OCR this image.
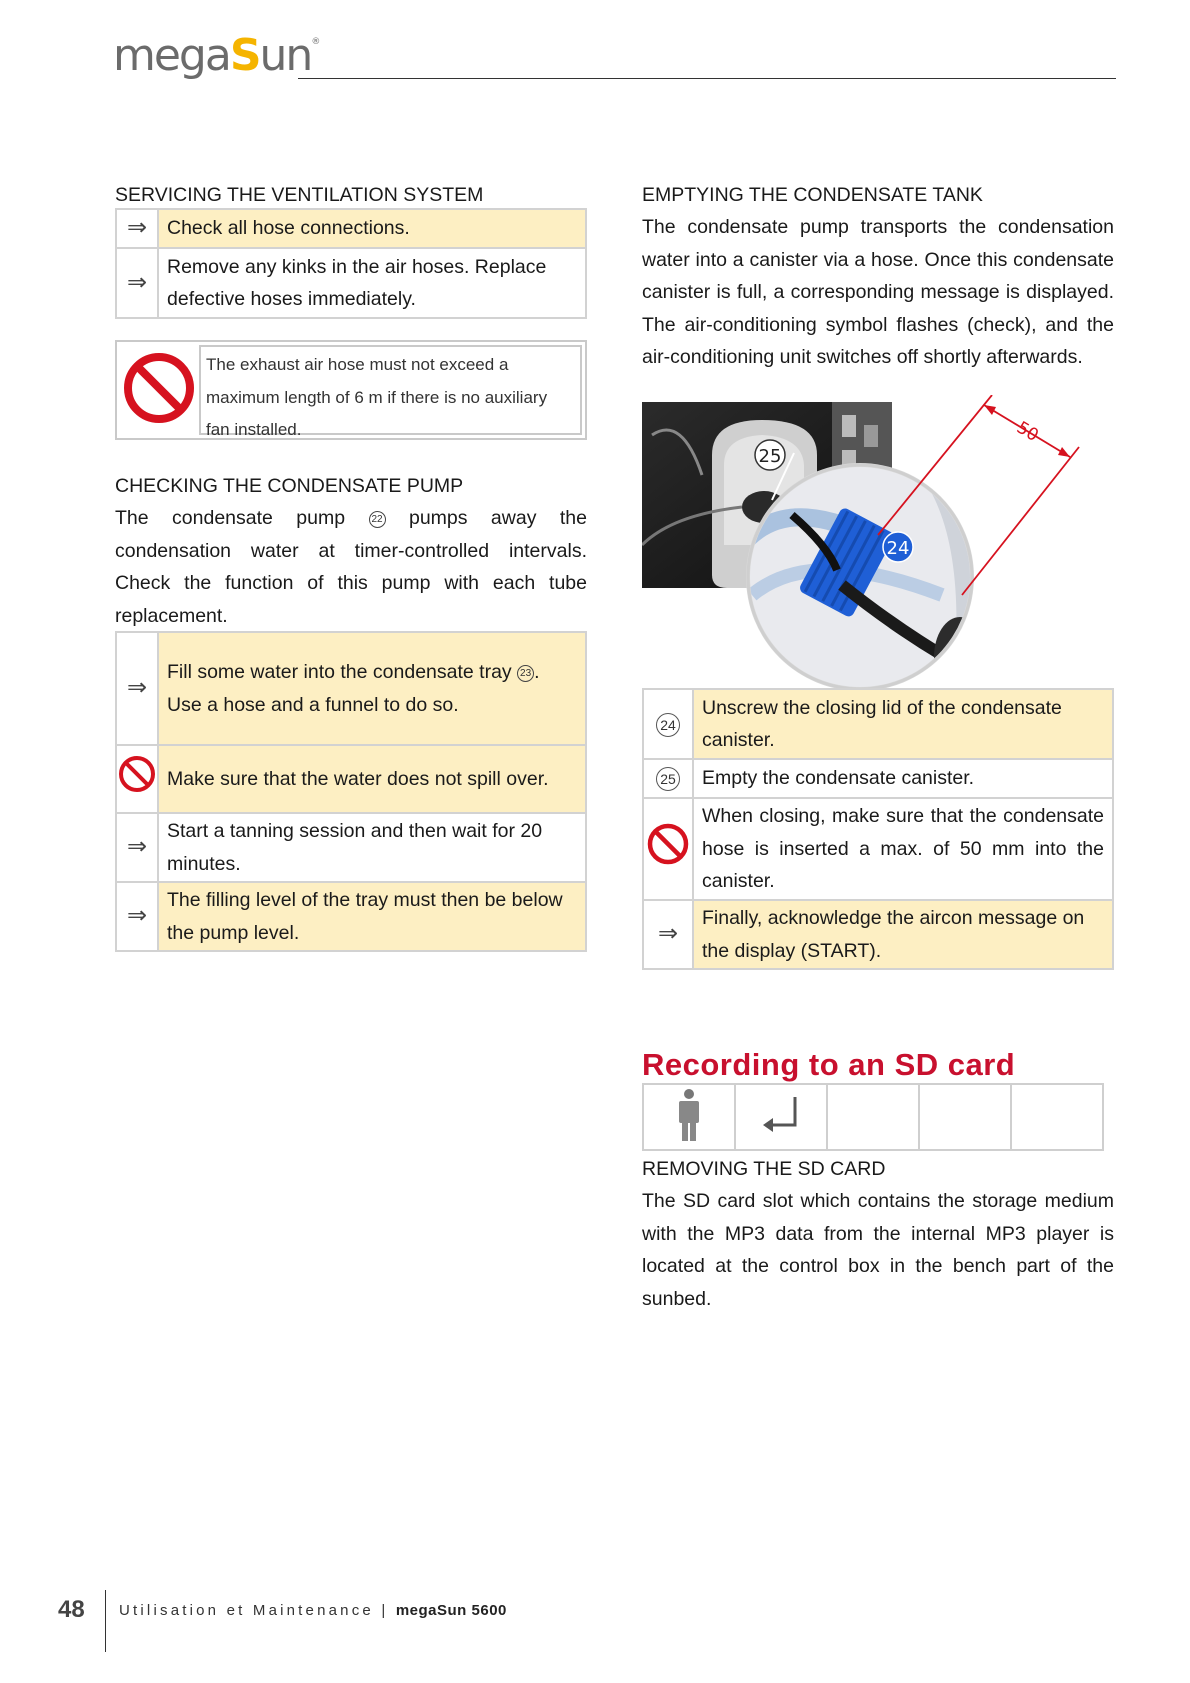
megaSun®
SERVICING THE VENTILATION SYSTEM
⇒	Check all hose connections.
⇒	Remove any kinks in the air hoses. Replace defective hoses immediately.
The exhaust air hose must not exceed a maximum length of 6 m if there is no auxiliary fan installed.
CHECKING THE CONDENSATE PUMP
The condensate pump	22 pumps away the condensation water at timer-controlled intervals. Check the function of this pump with each tube replacement.
⇒	Fill some water into the condensate tray 23 . Use a hose and a funnel to do so.
	Make sure that the water does not spill over.
⇒	Start a tanning session and then wait for 20 minutes.
⇒	The filling level of the tray must then be below the pump level.
EMPTYING THE CONDENSATE TANK
The condensate pump transports the condensation water into a canister via a hose. Once this condensate canister is full, a corresponding message is displayed. The air-conditioning symbol flashes (check), and the air-conditioning unit switches off shortly afterwards.
25
24
50
24	Unscrew the closing lid of the condensate canister.
25	Empty the condensate canister.
	When closing, make sure that the condensate hose is inserted a max. of 50 mm into the canister.
⇒	Finally, acknowledge the aircon message on the display (START).
Recording to an SD card

REMOVING THE SD CARD
The SD card slot which contains the storage medium with the MP3 data from the internal MP3 player is located at the control box in the bench part of the sunbed.
48 Utilisation et Maintenance | megaSun 5600
